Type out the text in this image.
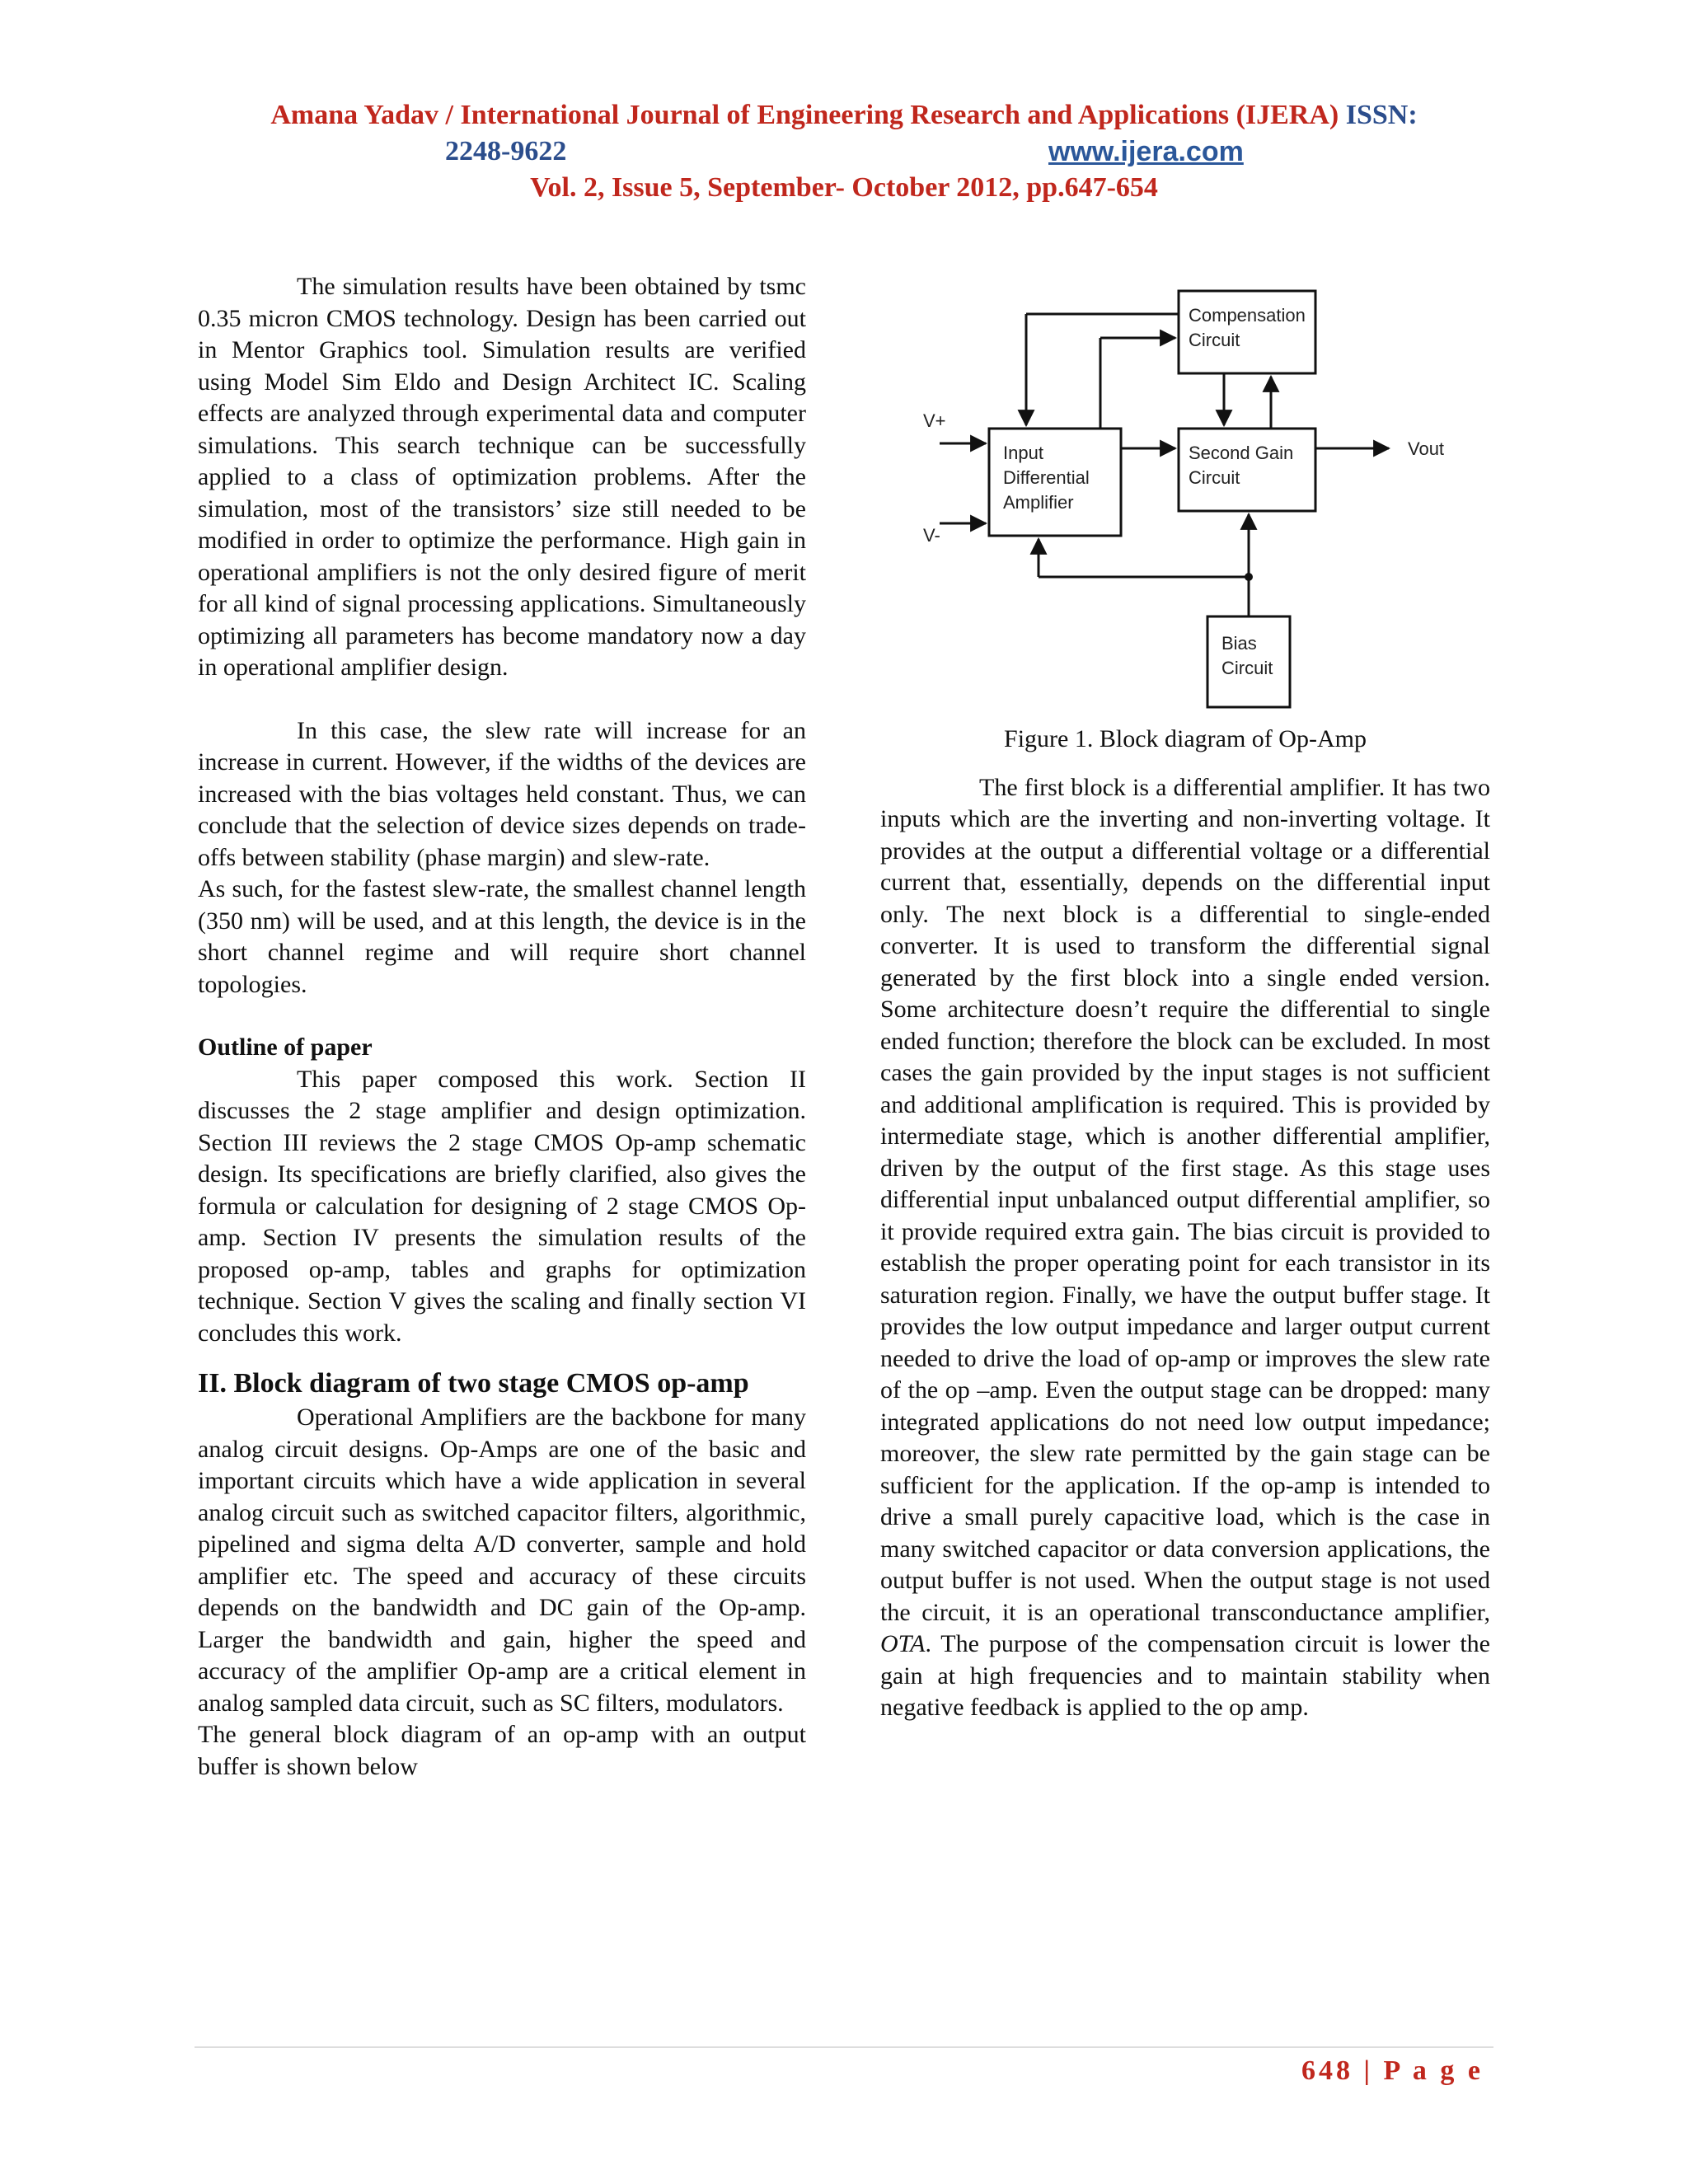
Amana Yadav / International Journal of Engineering Research and Applications (IJERA) ISSN:
2248-9622	www.ijera.com
Vol. 2, Issue 5, September- October 2012, pp.647-654

The simulation results have been obtained by tsmc 0.35 micron CMOS technology. Design has been carried out in Mentor Graphics tool. Simulation results are verified using Model Sim Eldo and Design Architect IC. Scaling effects are analyzed through experimental data and computer simulations. This search technique can be successfully applied to a class of optimization problems. After the simulation, most of the transistors’ size still needed to be modified in order to optimize the performance. High gain in operational amplifiers is not the only desired figure of merit for all kind of signal processing applications. Simultaneously optimizing all parameters has become mandatory now a day in operational amplifier design.

In this case, the slew rate will increase for an increase in current. However, if the widths of the devices are increased with the bias voltages held constant. Thus, we can conclude that the selection of device sizes depends on trade-offs between stability (phase margin) and slew-rate.

As such, for the fastest slew-rate, the smallest channel length (350 nm) will be used, and at this length, the device is in the short channel regime and will require short channel topologies.

Outline of paper

This paper composed this work. Section II discusses the 2 stage amplifier and design optimization. Section III reviews the 2 stage CMOS Op-amp schematic design. Its specifications are briefly clarified, also gives the formula or calculation for designing of 2 stage CMOS Op-amp. Section IV presents the simulation results of the proposed op-amp, tables and graphs for optimization technique. Section V gives the scaling and finally section VI concludes this work.

II. Block diagram of two stage CMOS op-amp

Operational Amplifiers are the backbone for many analog circuit designs. Op-Amps are one of the basic and important circuits which have a wide application in several analog circuit such as switched capacitor filters, algorithmic, pipelined and sigma delta A/D converter, sample and hold amplifier etc. The speed and accuracy of these circuits depends on the bandwidth and DC gain of the Op-amp. Larger the bandwidth and gain, higher the speed and accuracy of the amplifier Op-amp are a critical element in analog sampled data circuit, such as SC filters, modulators.

The general block diagram of an op-amp with an output buffer is shown below

Compensation
Circuit
Input
Differential
Amplifier
Second Gain
Circuit
Bias
Circuit
V+
V-
Vout

Figure 1. Block diagram of Op-Amp

The first block is a differential amplifier. It has two inputs which are the inverting and non-inverting voltage. It provides at the output a differential voltage or a differential current that, essentially, depends on the differential input only. The next block is a differential to single-ended converter. It is used to transform the differential signal generated by the first block into a single ended version. Some architecture doesn’t require the differential to single ended function; therefore the block can be excluded. In most cases the gain provided by the input stages is not sufficient and additional amplification is required. This is provided by intermediate stage, which is another differential amplifier, driven by the output of the first stage. As this stage uses differential input unbalanced output differential amplifier, so it provide required extra gain. The bias circuit is provided to establish the proper operating point for each transistor in its saturation region. Finally, we have the output buffer stage. It provides the low output impedance and larger output current needed to drive the load of op-amp or improves the slew rate of the op –amp. Even the output stage can be dropped: many integrated applications do not need low output impedance; moreover, the slew rate permitted by the gain stage can be sufficient for the application. If the op-amp is intended to drive a small purely capacitive load, which is the case in many switched capacitor or data conversion applications, the output buffer is not used. When the output stage is not used the circuit, it is an operational transconductance amplifier, OTA. The purpose of the compensation circuit is lower the gain at high frequencies and to maintain stability when negative feedback is applied to the op amp.

648 | P a g e
